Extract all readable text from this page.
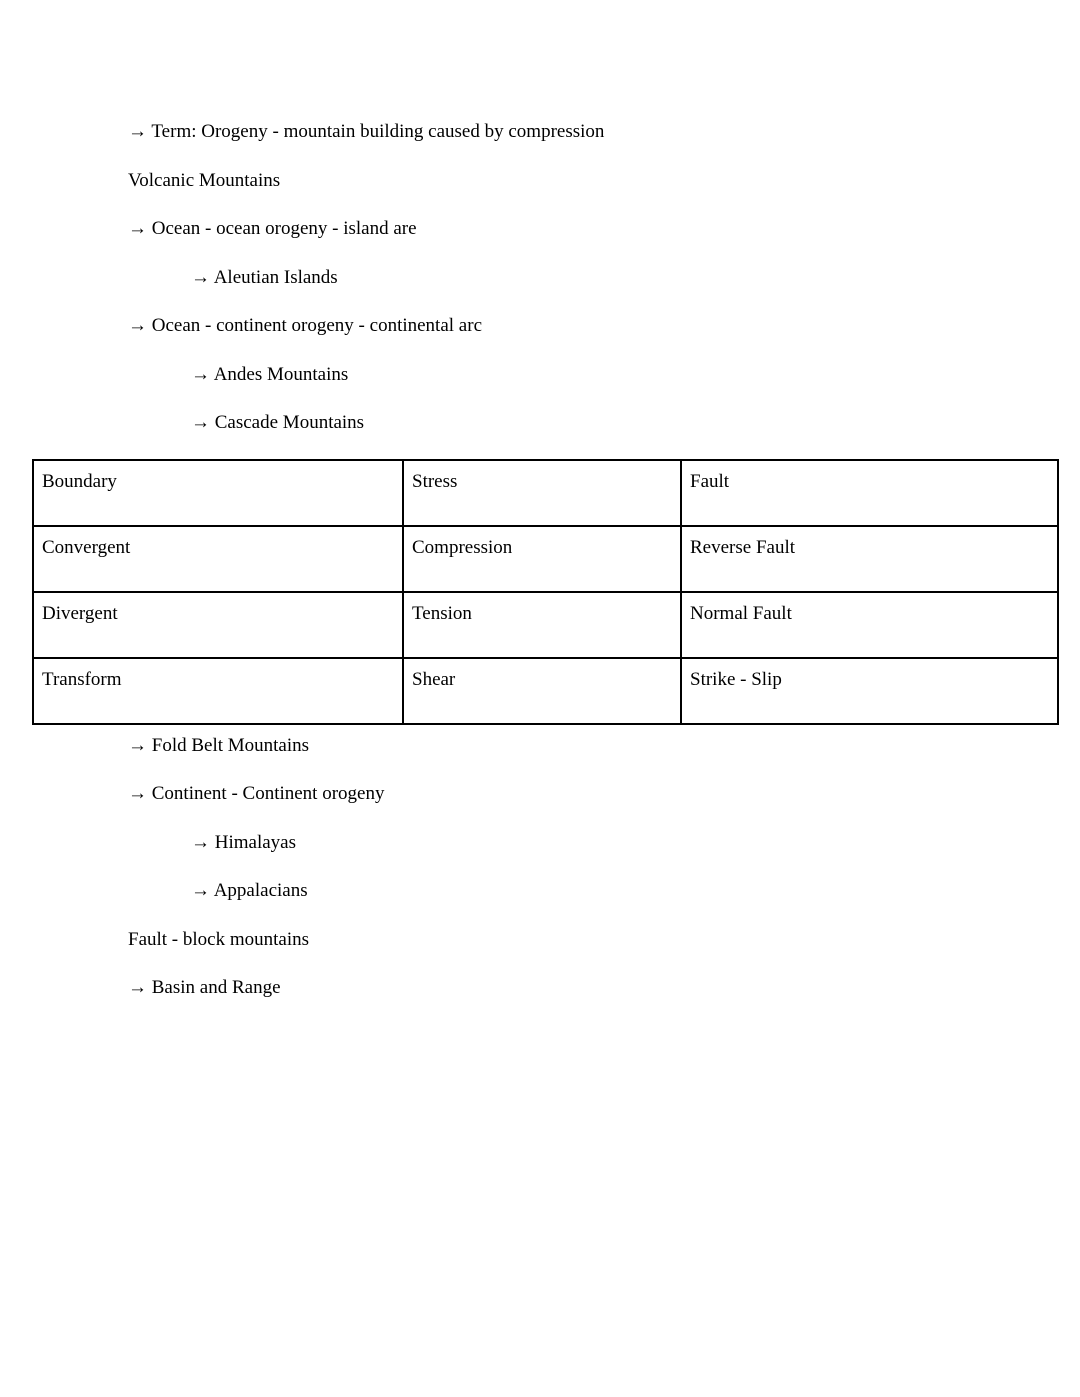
→ Term: Orogeny - mountain building caused by compression
Volcanic Mountains
→ Ocean - ocean orogeny - island are
→ Aleutian Islands
→ Ocean - continent orogeny - continental arc
→ Andes Mountains
→ Cascade Mountains
Boundary	Stress	Fault
Convergent	Compression	Reverse Fault
Divergent	Tension	Normal Fault
Transform	Shear	Strike - Slip
→ Fold Belt Mountains
→ Continent - Continent orogeny
→ Himalayas
→ Appalacians
Fault - block mountains
→ Basin and Range
